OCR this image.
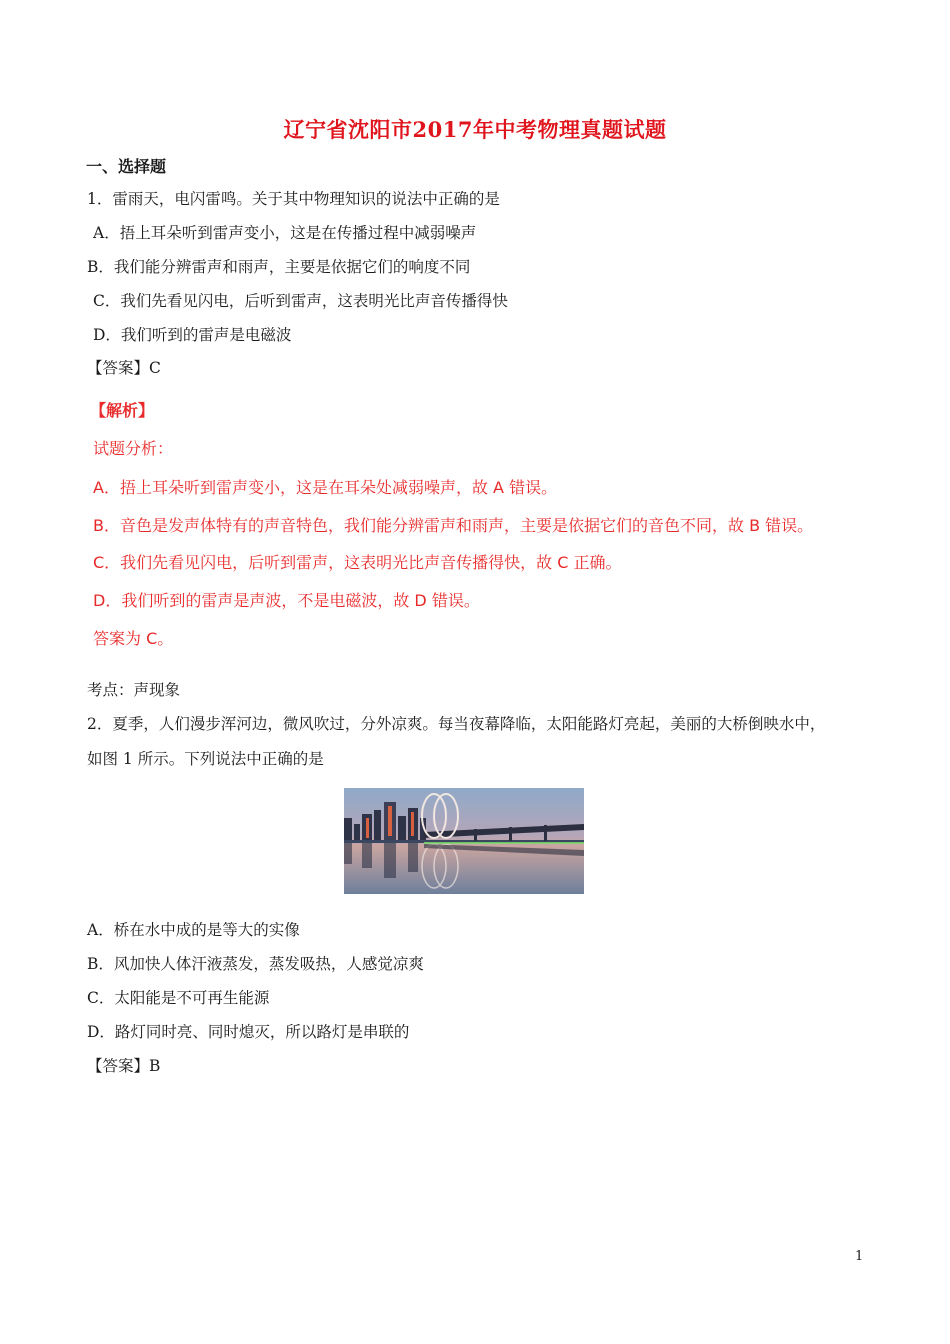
辽宁省沈阳市2017年中考物理真题试题
一、选择题
1．雷雨天，电闪雷鸣。关于其中物理知识的说法中正确的是
A．捂上耳朵听到雷声变小，这是在传播过程中减弱噪声
B．我们能分辨雷声和雨声，主要是依据它们的响度不同
C．我们先看见闪电，后听到雷声，这表明光比声音传播得快
D．我们听到的雷声是电磁波
【答案】C
【解析】
试题分析：
A．捂上耳朵听到雷声变小，这是在耳朵处减弱噪声，故 A 错误。
B．音色是发声体特有的声音特色，我们能分辨雷声和雨声，主要是依据它们的音色不同，故 B 错误。
C．我们先看见闪电，后听到雷声，这表明光比声音传播得快，故 C 正确。
D．我们听到的雷声是声波，不是电磁波，故 D 错误。
答案为 C。
考点：声现象
2．夏季，人们漫步浑河边，微风吹过，分外凉爽。每当夜幕降临，太阳能路灯亮起，美丽的大桥倒映水中，
如图 1 所示。下列说法中正确的是
A．桥在水中成的是等大的实像
B．风加快人体汗液蒸发，蒸发吸热，人感觉凉爽
C．太阳能是不可再生能源
D．路灯同时亮、同时熄灭，所以路灯是串联的
【答案】B
1
